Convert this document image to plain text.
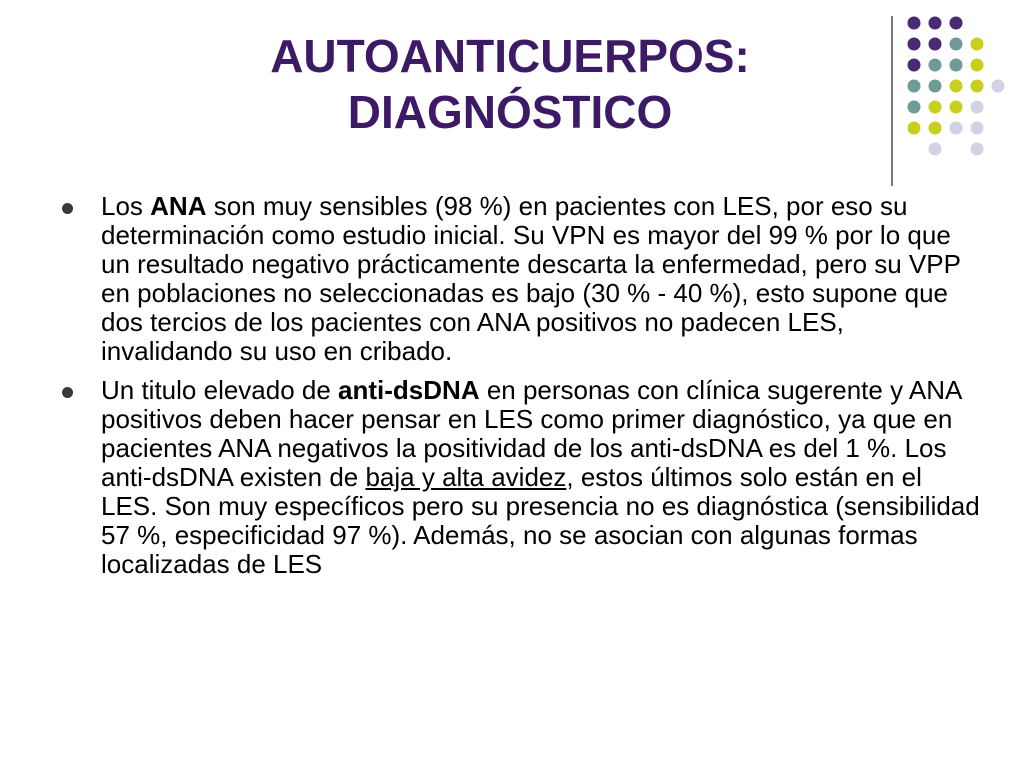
AUTOANTICUERPOS:
DIAGNÓSTICO
Los ANA son muy sensibles (98 %) en pacientes con LES, por eso su determinación como estudio inicial. Su VPN es mayor del 99 % por lo que un resultado negativo prácticamente descarta la enfermedad, pero su VPP en poblaciones no seleccionadas es bajo (30 % - 40 %), esto supone que dos tercios de los pacientes con ANA positivos no padecen LES, invalidando su uso en cribado.
Un titulo elevado de anti-dsDNA en personas con clínica sugerente y ANA positivos deben hacer pensar en LES como primer diagnóstico, ya que en pacientes ANA negativos la positividad de los anti-dsDNA es del 1 %. Los anti-dsDNA existen de baja y alta avidez, estos últimos solo están en el LES. Son muy específicos pero su presencia no es diagnóstica (sensibilidad 57 %, especificidad 97 %). Además, no se asocian con algunas formas localizadas de LES
